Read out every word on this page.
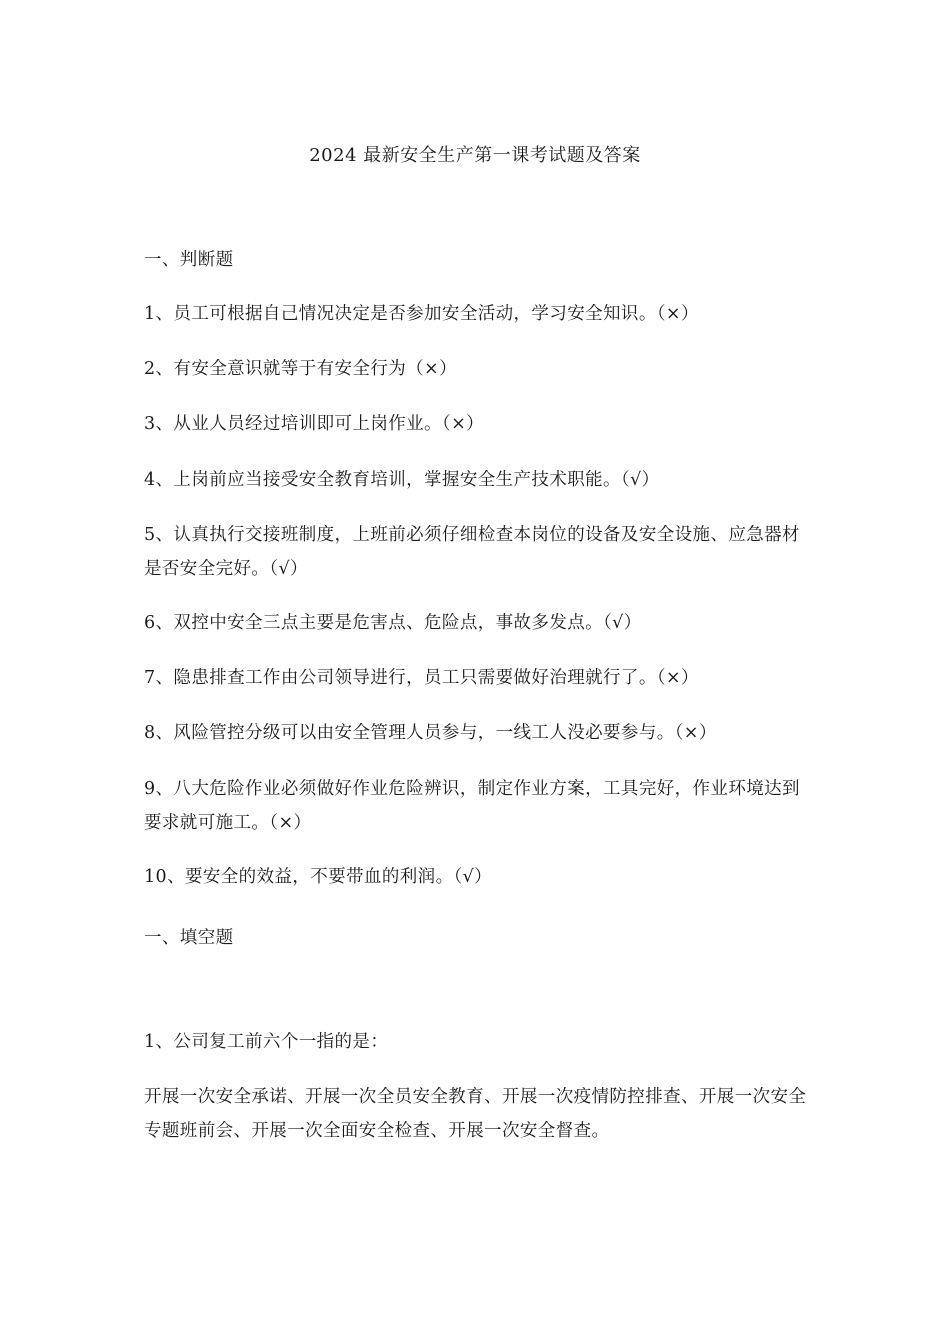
2024 最新安全生产第一课考试题及答案
一、判断题
1、员工可根据自己情况决定是否参加安全活动，学习安全知识。（×）
2、有安全意识就等于有安全行为（×）
3、从业人员经过培训即可上岗作业。（×）
4、上岗前应当接受安全教育培训，掌握安全生产技术职能。（√）
5、认真执行交接班制度，上班前必须仔细检查本岗位的设备及安全设施、应急器材是否安全完好。（√）
6、双控中安全三点主要是危害点、危险点，事故多发点。（√）
7、隐患排查工作由公司领导进行，员工只需要做好治理就行了。（×）
8、风险管控分级可以由安全管理人员参与，一线工人没必要参与。（×）
9、八大危险作业必须做好作业危险辨识，制定作业方案，工具完好，作业环境达到要求就可施工。（×）
10、要安全的效益，不要带血的利润。（√）
一、填空题
1、公司复工前六个一指的是：
开展一次安全承诺、开展一次全员安全教育、开展一次疫情防控排查、开展一次安全专题班前会、开展一次全面安全检查、开展一次安全督查。
